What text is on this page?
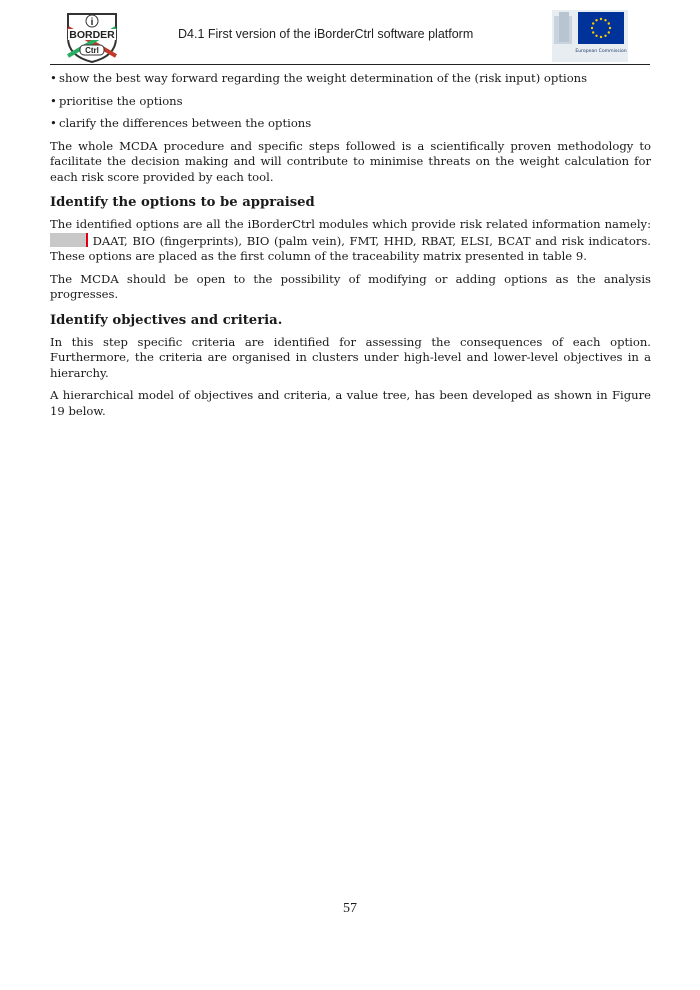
i
BORDER
Ctrl
D4.1 First version of the iBorderCtrl software platform
European Commission
• show the best way forward regarding the weight determination of the (risk input) options
• prioritise the options
• clarify the differences between the options

The whole MCDA procedure and specific steps followed is a scientifically proven methodology to facilitate the decision making and will contribute to minimise threats on the weight calculation for each risk score provided by each tool.

Identify the options to be appraised

The identified options are all the iBorderCtrl modules which provide risk related information namely:  DAAT, BIO (fingerprints), BIO (palm vein), FMT, HHD, RBAT, ELSI, BCAT and risk indicators. These options are placed as the first column of the traceability matrix presented in table 9.

The MCDA should be open to the possibility of modifying or adding options as the analysis progresses.

Identify objectives and criteria.

In this step specific criteria are identified for assessing the consequences of each option. Furthermore, the criteria are organised in clusters under high-level and lower-level objectives in a hierarchy.

A hierarchical model of objectives and criteria, a value tree, has been developed as shown in Figure 19 below.

57
